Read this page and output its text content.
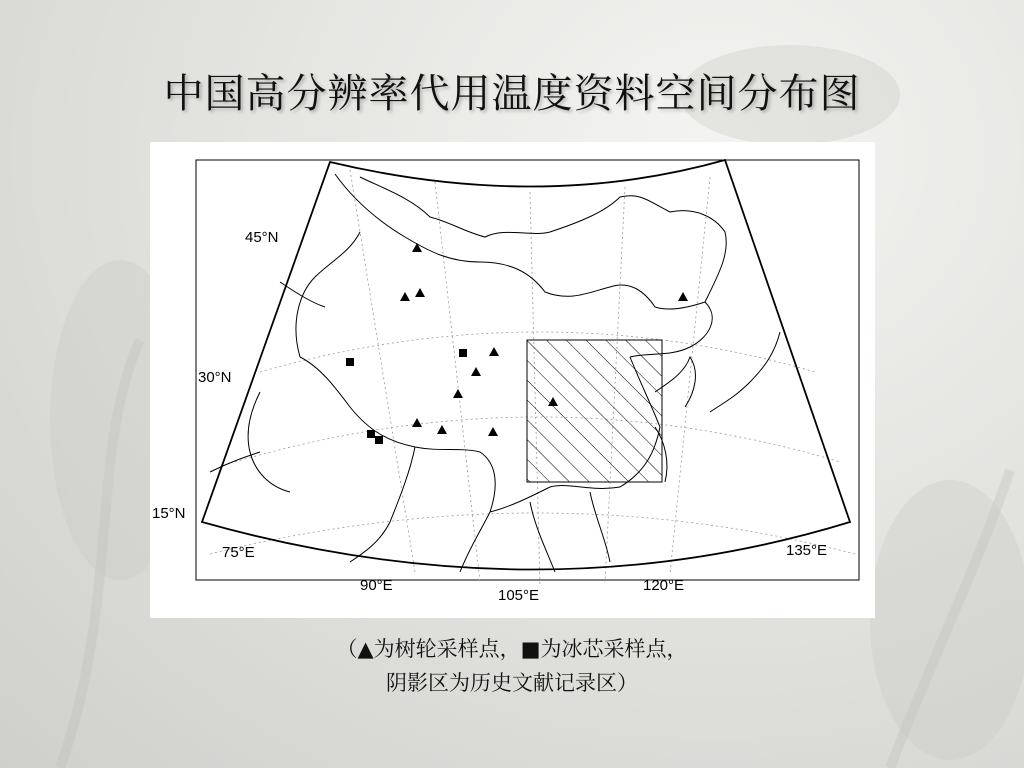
中国高分辨率代用温度资料空间分布图
45°N
30°N
15°N
75°E
90°E
105°E
120°E
135°E
（▲为树轮采样点，■为冰芯采样点，
阴影区为历史文献记录区）
